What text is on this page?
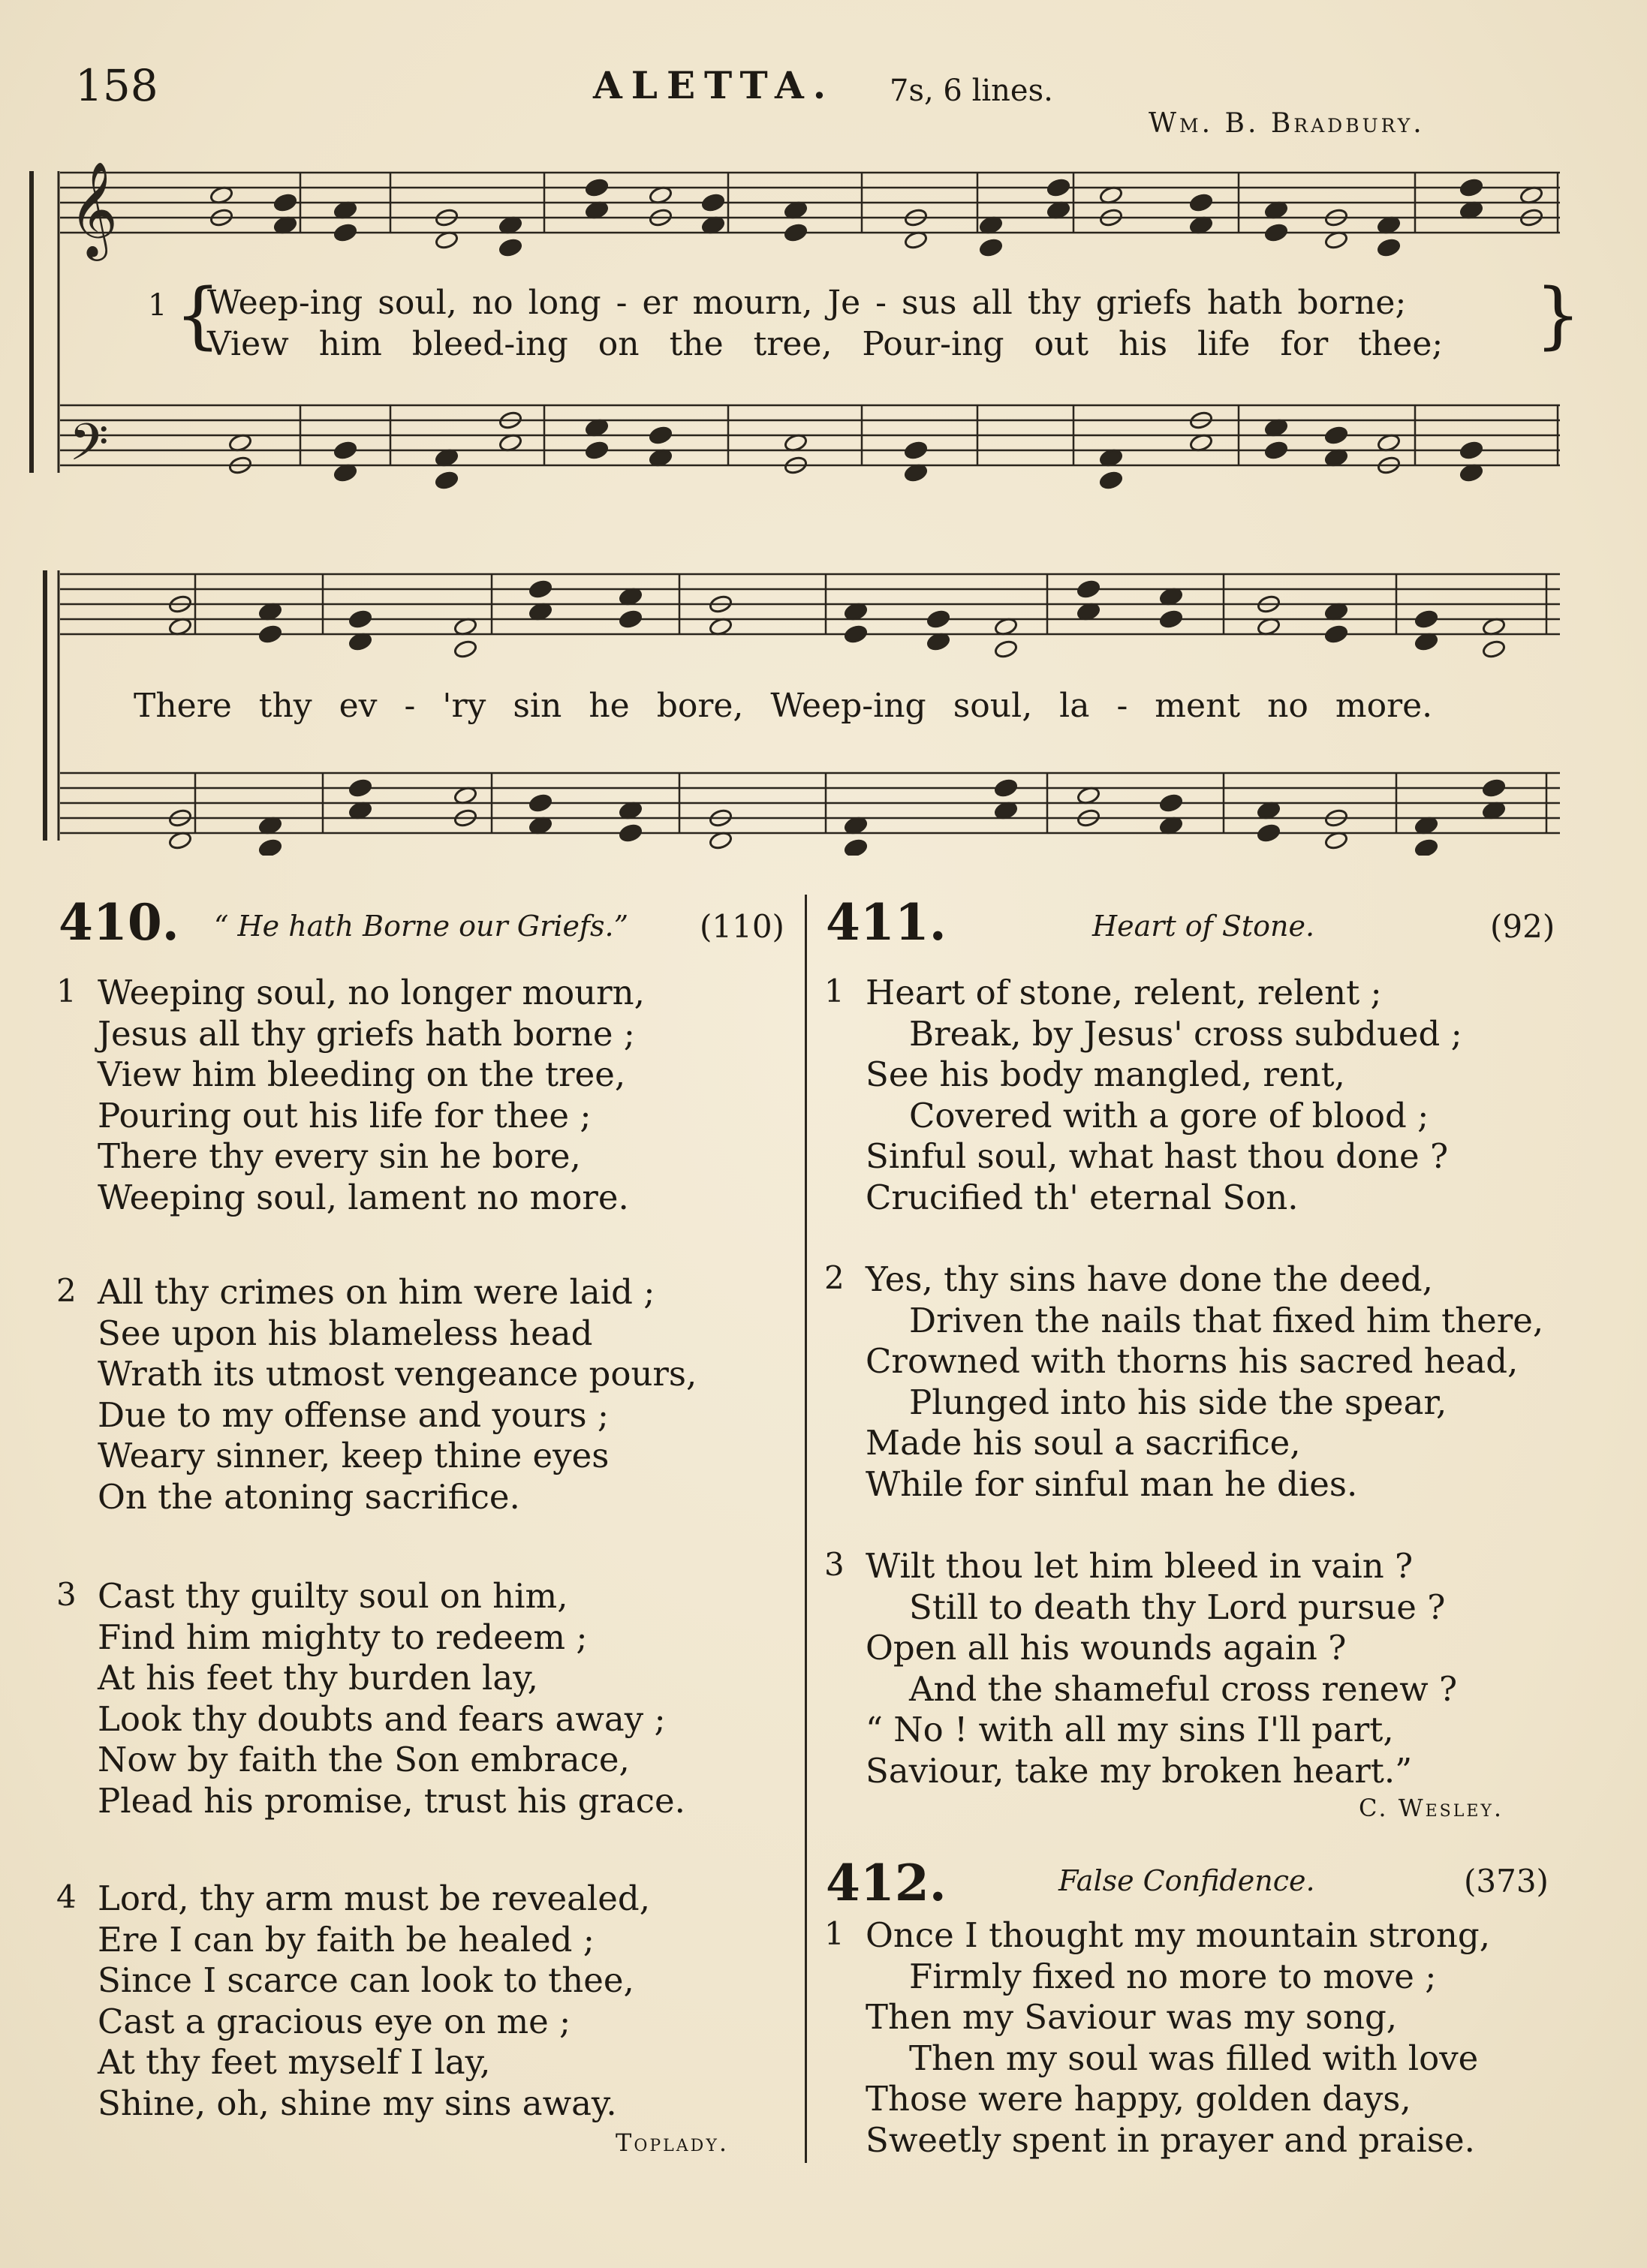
158	ALETTA. 7s, 6 lines.
Wm. B. Bradbury.
𝄞
𝄢
1 {
Weep-ing soul, no long - er mourn, Je - sus all thy griefs hath borne;
View him bleed-ing on the tree, Pour-ing out his life for thee; }
There thy ev - 'ry sin he bore, Weep-ing soul, la - ment no more.
410. “ He hath Borne our Griefs.” (110)
1 Weeping soul, no longer mourn,
Jesus all thy griefs hath borne ;
View him bleeding on the tree,
Pouring out his life for thee ;
There thy every sin he bore,
Weeping soul, lament no more.
2 All thy crimes on him were laid ;
See upon his blameless head
Wrath its utmost vengeance pours,
Due to my offense and yours ;
Weary sinner, keep thine eyes
On the atoning sacrifice.
3 Cast thy guilty soul on him,
Find him mighty to redeem ;
At his feet thy burden lay,
Look thy doubts and fears away ;
Now by faith the Son embrace,
Plead his promise, trust his grace.
4 Lord, thy arm must be revealed,
Ere I can by faith be healed ;
Since I scarce can look to thee,
Cast a gracious eye on me ;
At thy feet myself I lay,
Shine, oh, shine my sins away.
Toplady.
411.	Heart of Stone.	(92)
1 Heart of stone, relent, relent ;
Break, by Jesus' cross subdued ;
See his body mangled, rent,
Covered with a gore of blood ;
Sinful soul, what hast thou done ?
Crucified th' eternal Son.
2 Yes, thy sins have done the deed,
Driven the nails that fixed him there,
Crowned with thorns his sacred head,
Plunged into his side the spear,
Made his soul a sacrifice,
While for sinful man he dies.
3 Wilt thou let him bleed in vain ?
Still to death thy Lord pursue ?
Open all his wounds again ?
And the shameful cross renew ?
“ No ! with all my sins I'll part,
Saviour, take my broken heart.”
C. Wesley.
412.	False Confidence.	(373)
1 Once I thought my mountain strong,
Firmly fixed no more to move ;
Then my Saviour was my song,
Then my soul was filled with love
Those were happy, golden days,
Sweetly spent in prayer and praise.
